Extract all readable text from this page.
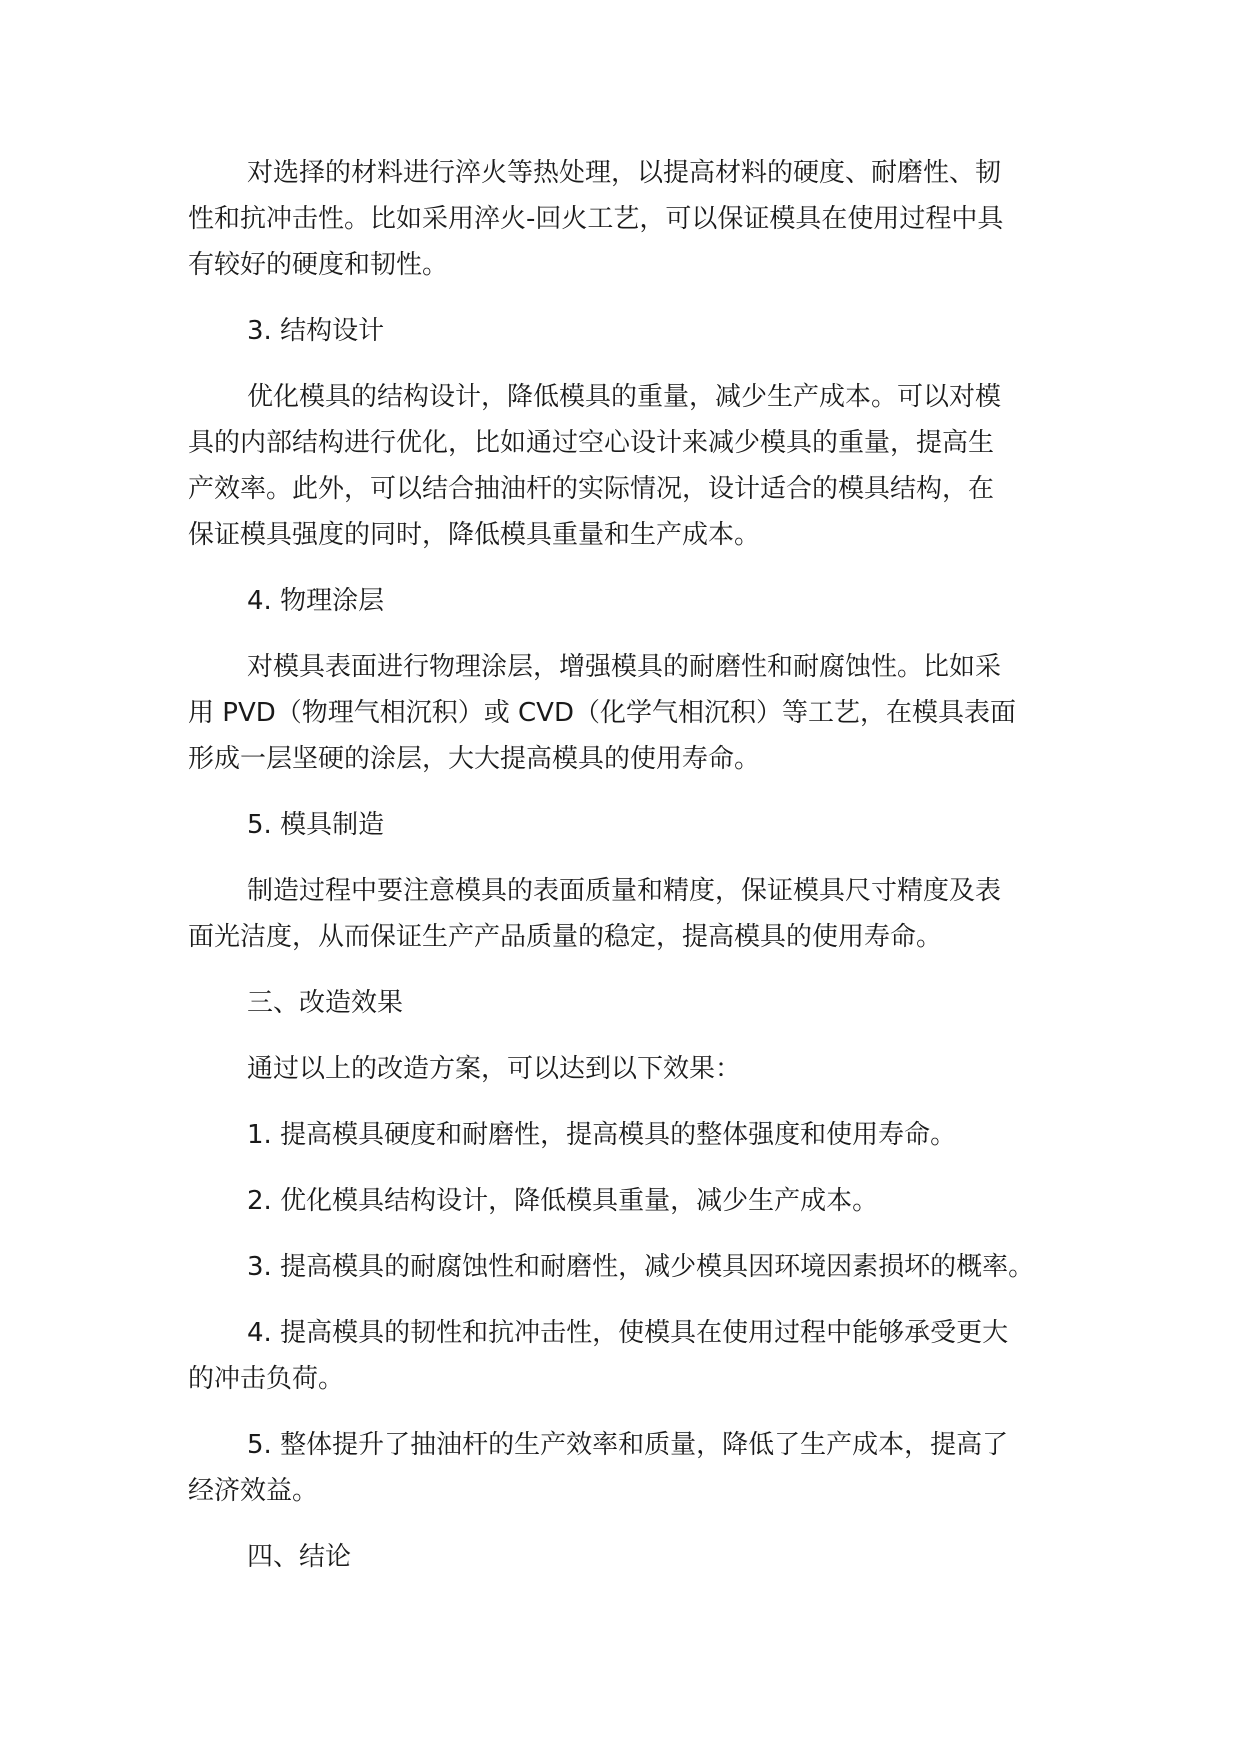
对选择的材料进行淬火等热处理，以提高材料的硬度、耐磨性、韧
性和抗冲击性。比如采用淬火-回火工艺，可以保证模具在使用过程中具
有较好的硬度和韧性。

3. 结构设计

优化模具的结构设计，降低模具的重量，减少生产成本。可以对模
具的内部结构进行优化，比如通过空心设计来减少模具的重量，提高生
产效率。此外，可以结合抽油杆的实际情况，设计适合的模具结构，在
保证模具强度的同时，降低模具重量和生产成本。

4. 物理涂层

对模具表面进行物理涂层，增强模具的耐磨性和耐腐蚀性。比如采
用 PVD（物理气相沉积）或 CVD（化学气相沉积）等工艺，在模具表面
形成一层坚硬的涂层，大大提高模具的使用寿命。

5. 模具制造

制造过程中要注意模具的表面质量和精度，保证模具尺寸精度及表
面光洁度，从而保证生产产品质量的稳定，提高模具的使用寿命。

三、改造效果

通过以上的改造方案，可以达到以下效果：

1. 提高模具硬度和耐磨性，提高模具的整体强度和使用寿命。

2. 优化模具结构设计，降低模具重量，减少生产成本。

3. 提高模具的耐腐蚀性和耐磨性，减少模具因环境因素损坏的概率。

4. 提高模具的韧性和抗冲击性，使模具在使用过程中能够承受更大
的冲击负荷。

5. 整体提升了抽油杆的生产效率和质量，降低了生产成本，提高了
经济效益。

四、结论
